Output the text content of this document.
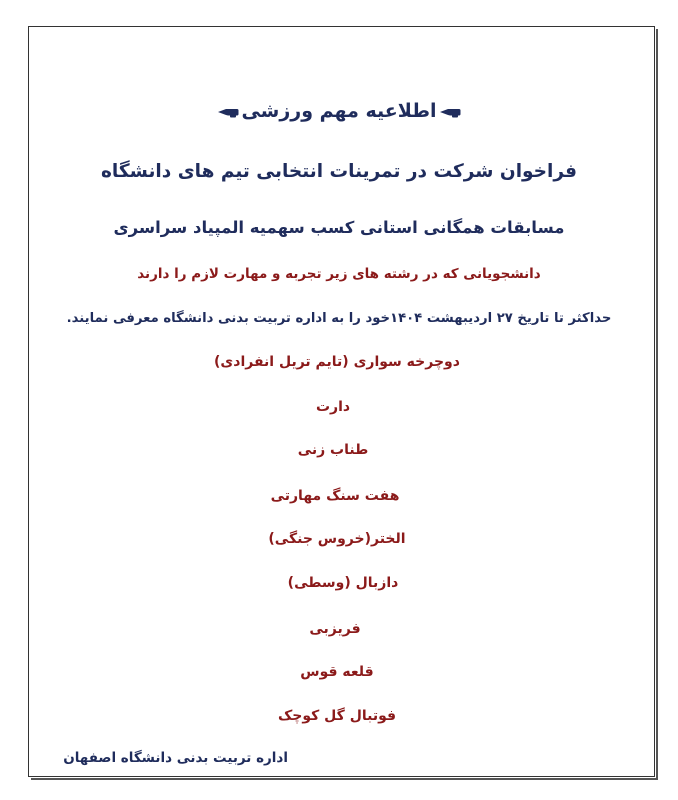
اطلاعیه مهم ورزشی
فراخوان شرکت در تمرینات انتخابی تیم های دانشگاه
مسابقات همگانی استانی کسب سهمیه المپیاد سراسری
دانشجویانی که در رشته های زیر تجربه و مهارت لازم را دارند
حداکثر تا تاریخ ۲۷ اردیبهشت ۱۴۰۴خود را به اداره تربیت بدنی دانشگاه معرفی نمایند.
دوچرخه سواری (تایم تریل انفرادی)
دارت
طناب زنی
هفت سنگ مهارتی
الختر(خروس جنگی)
دازبال (وسطی)
فریزبی
قلعه قوس
فوتبال گل کوچک
اداره تربیت بدنی دانشگاه اصفهان
